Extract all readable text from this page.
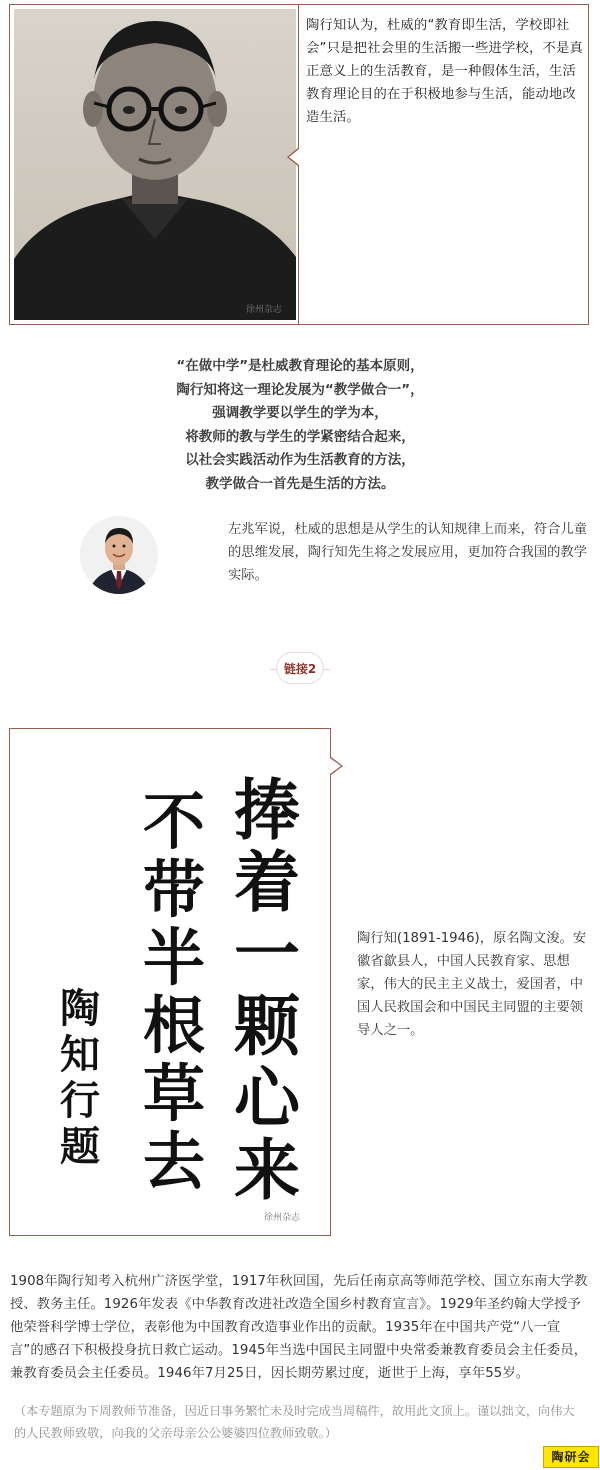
徐州杂志
陶行知认为，杜威的“教育即生活，学校即社会”只是把社会里的生活搬一些进学校，不是真正意义上的生活教育，是一种假体生活，生活教育理论目的在于积极地参与生活，能动地改造生活。
“在做中学”是杜威教育理论的基本原则，
陶行知将这一理论发展为“教学做合一”，
强调教学要以学生的学为本，
将教师的教与学生的学紧密结合起来，
以社会实践活动作为生活教育的方法，
教学做合一首先是生活的方法。
左兆军说，杜威的思想是从学生的认知规律上而来，符合儿童的思维发展，陶行知先生将之发展应用，更加符合我国的教学实际。
链接2
捧
着
一
颗
心
来
不
带
半
根
草
去
陶
知
行
题
徐州杂志
陶行知(1891-1946)，原名陶文浚。安徽省歙县人，中国人民教育家、思想家，伟大的民主主义战士，爱国者，中国人民救国会和中国民主同盟的主要领导人之一。
1908年陶行知考入杭州广济医学堂，1917年秋回国，先后任南京高等师范学校、国立东南大学教授、教务主任。1926年发表《中华教育改进社改造全国乡村教育宣言》。1929年圣约翰大学授予他荣誉科学博士学位，表彰他为中国教育改造事业作出的贡献。1935年在中国共产党“八一宣言”的感召下积极投身抗日救亡运动。1945年当选中国民主同盟中央常委兼教育委员会主任委员，兼教育委员会主任委员。1946年7月25日，因长期劳累过度，逝世于上海，享年55岁。
（本专题原为下周教师节准备，因近日事务繁忙未及时完成当周稿件，故用此文顶上。谨以拙文，向伟大的人民教师致敬，向我的父亲母亲公公婆婆四位教师致敬。）
陶研会
